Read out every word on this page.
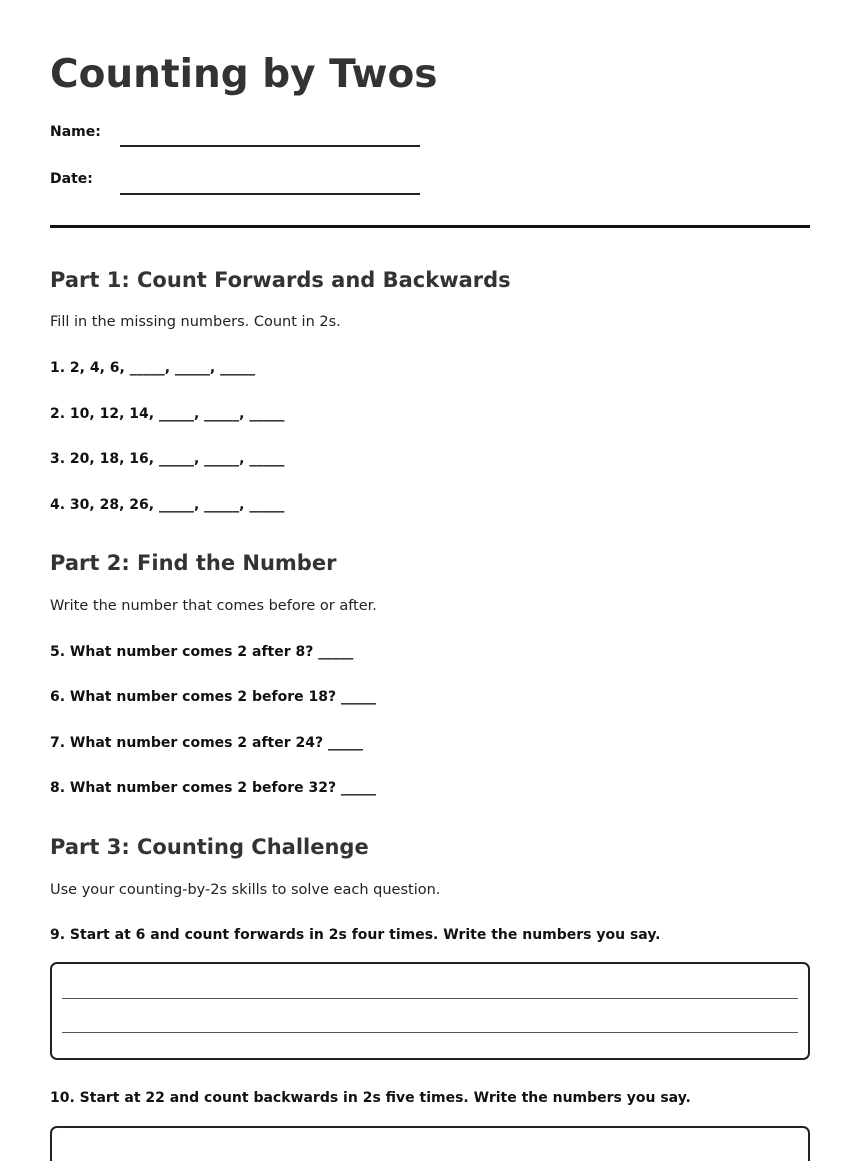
Counting by Twos
Name:
Date:
Part 1: Count Forwards and Backwards

Fill in the missing numbers. Count in 2s.

1. 2, 4, 6, _____, _____, _____

2. 10, 12, 14, _____, _____, _____

3. 20, 18, 16, _____, _____, _____

4. 30, 28, 26, _____, _____, _____

Part 2: Find the Number

Write the number that comes before or after.

5. What number comes 2 after 8? _____

6. What number comes 2 before 18? _____

7. What number comes 2 after 24? _____

8. What number comes 2 before 32? _____

Part 3: Counting Challenge

Use your counting-by-2s skills to solve each question.

9. Start at 6 and count forwards in 2s four times. Write the numbers you say.

10. Start at 22 and count backwards in 2s five times. Write the numbers you say.
